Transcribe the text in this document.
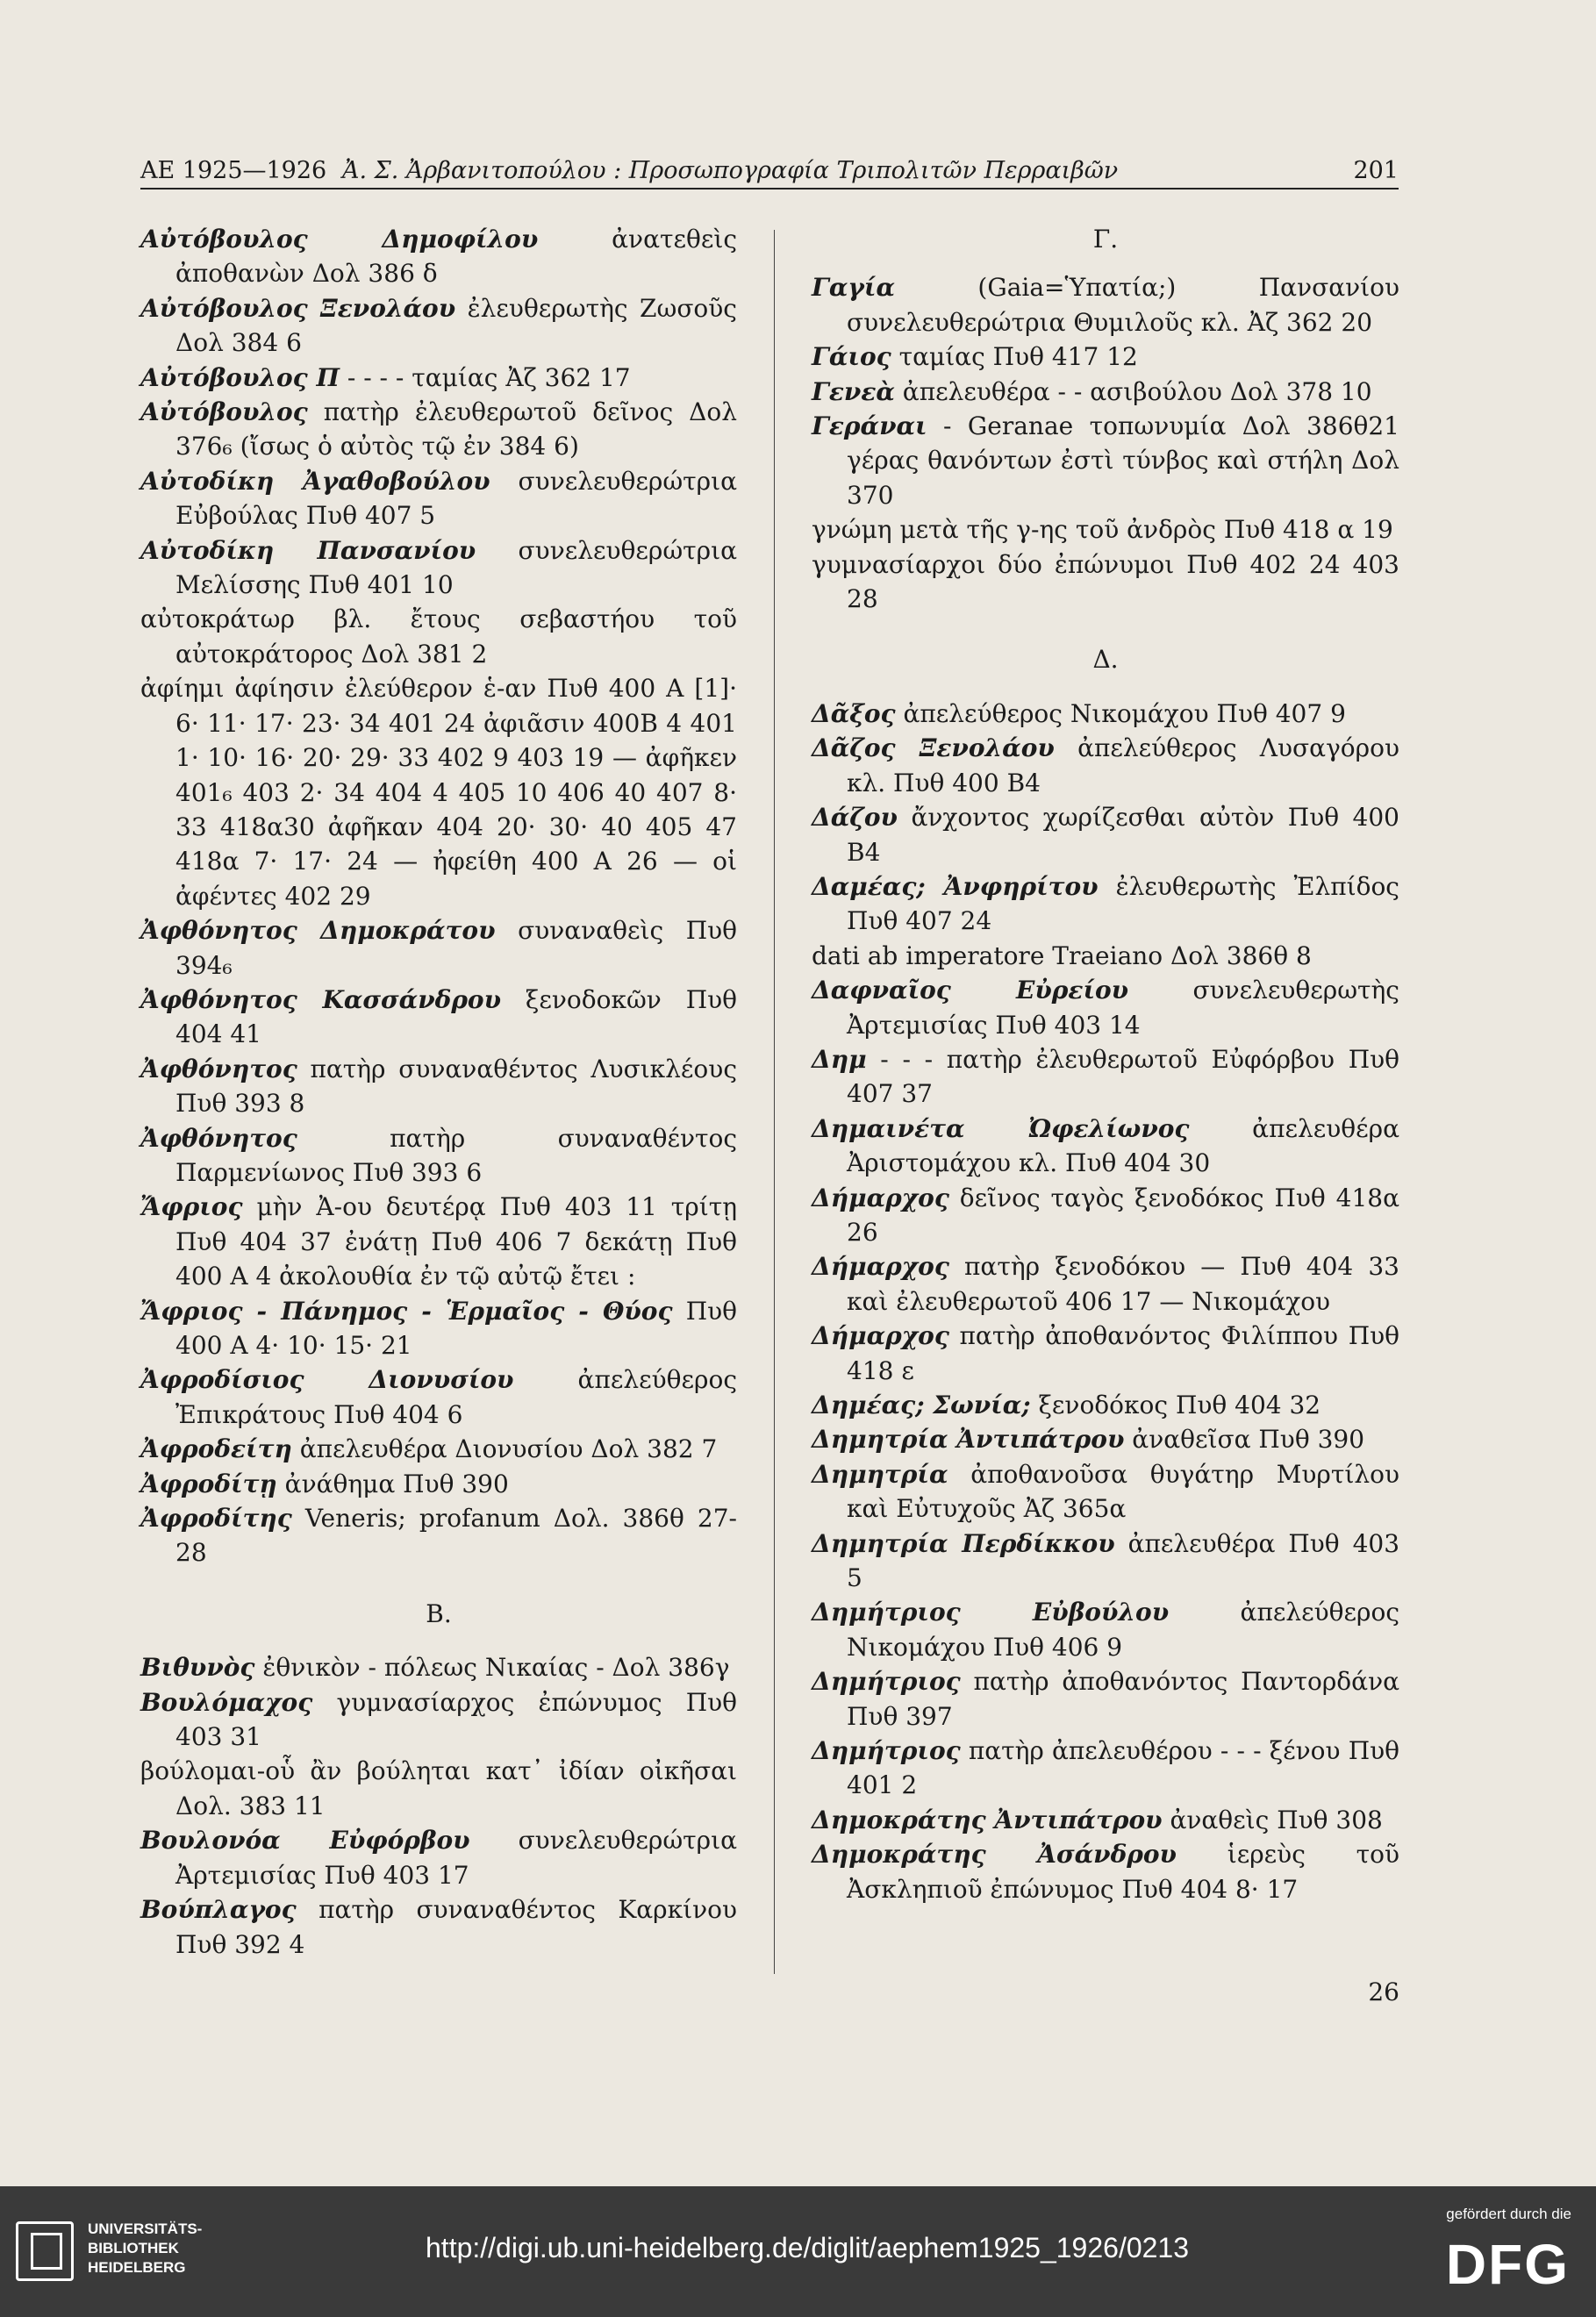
AE 1925—1926 Ἀ. Σ. Ἀρβανιτοπούλου : Προσωπογραφία Τριπολιτῶν Περραιβῶν	201
Αὐτόβουλος Δημοφίλου ἀνατεθεὶς ἀποθανὼν Δολ 386 δ
Αὐτόβουλος Ξενολάου ἐλευθερωτὴς Ζωσοῦς Δολ 384 6
Αὐτόβουλος Π - - - - ταμίας Ἀζ 362 17
Αὐτόβουλος πατὴρ ἐλευθερωτοῦ δεῖνος Δολ 376₆ (ἴσως ὁ αὐτὸς τῷ ἐν 384 6)
Αὐτοδίκη Ἀγαθοβούλου συνελευθερώτρια Εὐβούλας Πυθ 407 5
Αὐτοδίκη Πανσανίου συνελευθερώτρια Μελίσσης Πυθ 401 10
αὐτοκράτωρ βλ. ἔτους σεβαστήου τοῦ αὐτοκράτορος Δολ 381 2
ἀφίημι ἀφίησιν ἐλεύθερον ἑ-αν Πυθ 400 Α [1]· 6· 11· 17· 23· 34 401 24 ἀφιᾶσιν 400Β 4 401 1· 10· 16· 20· 29· 33 402 9 403 19 — ἀφῆκεν 401₆ 403 2· 34 404 4 405 10 406 40 407 8· 33 418α30 ἀφῆκαν 404 20· 30· 40 405 47 418α 7· 17· 24 — ἠφείθη 400 Α 26 — οἱ ἀφέντες 402 29
Ἀφθόνητος Δημοκράτου συναναθεὶς Πυθ 394₆
Ἀφθόνητος Κασσάνδρου ξενοδοκῶν Πυθ 404 41
Ἀφθόνητος πατὴρ συναναθέντος Λυσικλέους Πυθ 393 8
Ἀφθόνητος πατὴρ συναναθέντος Παρμενίωνος Πυθ 393 6
Ἄφριος μὴν Ἀ-ου δευτέρᾳ Πυθ 403 11 τρίτῃ Πυθ 404 37 ἐνάτῃ Πυθ 406 7 δεκάτῃ Πυθ 400 Α 4 ἀκολουθία ἐν τῷ αὐτῷ ἔτει :
Ἄφριος - Πάνημος - Ἑρμαῖος - Θύος Πυθ 400 Α 4· 10· 15· 21
Ἀφροδίσιος Διονυσίου ἀπελεύθερος Ἐπικράτους Πυθ 404 6
Ἀφροδείτη ἀπελευθέρα Διονυσίου Δολ 382 7
Ἀφροδίτῃ ἀνάθημα Πυθ 390
Ἀφροδίτης Veneris; profanum Δολ. 386θ 27-28
Β.
Βιθυνὸς ἐθνικὸν - πόλεως Νικαίας - Δολ 386γ
Βουλόμαχος γυμνασίαρχος ἐπώνυμος Πυθ 403 31
βούλομαι-οὗ ἂν βούληται κατ᾽ ἰδίαν οἰκῆσαι Δολ. 383 11
Βουλονόα Εὐφόρβου συνελευθερώτρια Ἀρτεμισίας Πυθ 403 17
Βούπλαγος πατὴρ συναναθέντος Καρκίνου Πυθ 392 4
Γ.
Γαγία (Gaia=Ὑπατία;) Πανσανίου συνελευθερώτρια Θυμιλοῦς κλ. Ἀζ 362 20
Γάιος ταμίας Πυθ 417 12
Γενεὰ ἀπελευθέρα - - ασιβούλου Δολ 378 10
Γεράναι - Geranae τοπωνυμία Δολ 386θ21 γέρας θανόντων ἐστὶ τύνβος καὶ στήλη Δολ 370
γνώμη μετὰ τῆς γ-ης τοῦ ἀνδρὸς Πυθ 418 α 19
γυμνασίαρχοι δύο ἐπώνυμοι Πυθ 402 24 403 28
Δ.
Δᾶξος ἀπελεύθερος Νικομάχου Πυθ 407 9
Δᾶζος Ξενολάου ἀπελεύθερος Λυσαγόρου κλ. Πυθ 400 Β4
Δάζου ἄνχοντος χωρίζεσθαι αὐτὸν Πυθ 400 Β4
Δαμέας; Ἀνφηρίτου ἐλευθερωτὴς Ἐλπίδος Πυθ 407 24
dati ab imperatore Traeiano Δολ 386θ 8
Δαφναῖος Εὐρείου συνελευθερωτὴς Ἀρτεμισίας Πυθ 403 14
Δημ - - - πατὴρ ἐλευθερωτοῦ Εὐφόρβου Πυθ 407 37
Δημαινέτα Ὠφελίωνος ἀπελευθέρα Ἀριστομάχου κλ. Πυθ 404 30
Δήμαρχος δεῖνος ταγὸς ξενοδόκος Πυθ 418α 26
Δήμαρχος πατὴρ ξενοδόκου — Πυθ 404 33 καὶ ἐλευθερωτοῦ 406 17 — Νικομάχου
Δήμαρχος πατὴρ ἀποθανόντος Φιλίππου Πυθ 418 ε
Δημέας; Σωνία; ξενοδόκος Πυθ 404 32
Δημητρία Ἀντιπάτρου ἀναθεῖσα Πυθ 390
Δημητρία ἀποθανοῦσα θυγάτηρ Μυρτίλου καὶ Εὐτυχοῦς Ἀζ 365α
Δημητρία Περδίκκου ἀπελευθέρα Πυθ 403 5
Δημήτριος Εὐβούλου ἀπελεύθερος Νικομάχου Πυθ 406 9
Δημήτριος πατὴρ ἀποθανόντος Παντορδάνα Πυθ 397
Δημήτριος πατὴρ ἀπελευθέρου - - - ξένου Πυθ 401 2
Δημοκράτης Ἀντιπάτρου ἀναθεὶς Πυθ 308
Δημοκράτης Ἀσάνδρου ἱερεὺς τοῦ Ἀσκληπιοῦ ἐπώνυμος Πυθ 404 8· 17
26
UNIVERSITÄTS-
BIBLIOTHEK
HEIDELBERG
http://digi.ub.uni-heidelberg.de/diglit/aephem1925_1926/0213
gefördert durch die
DFG
